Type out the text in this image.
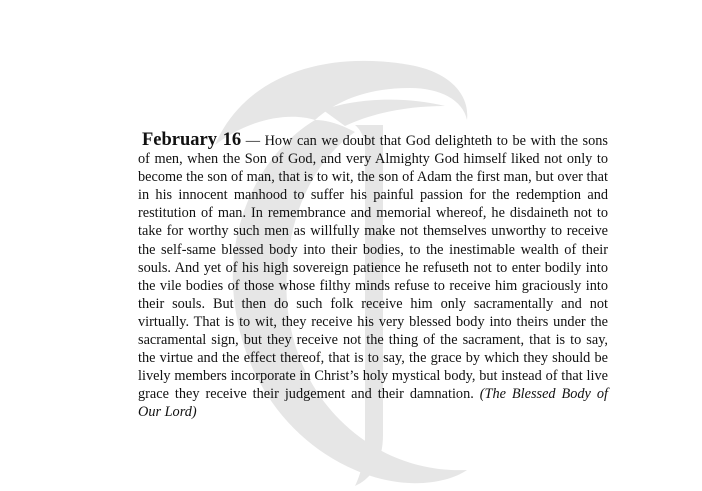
February 16 — How can we doubt that God delighteth to be with the sons of men, when the Son of God, and very Almighty God himself liked not only to become the son of man, that is to wit, the son of Adam the first man, but over that in his innocent manhood to suffer his painful passion for the redemption and restitution of man. In remembrance and memorial whereof, he disdaineth not to take for worthy such men as willfully make not themselves unworthy to receive the self-same blessed body into their bodies, to the inestimable wealth of their souls. And yet of his high sovereign patience he refuseth not to enter bodily into the vile bodies of those whose filthy minds refuse to receive him graciously into their souls. But then do such folk receive him only sacramentally and not virtually. That is to wit, they receive his very blessed body into theirs under the sacramental sign, but they receive not the thing of the sacrament, that is to say, the virtue and the effect thereof, that is to say, the grace by which they should be lively members incorporate in Christ’s holy mystical body, but instead of that live grace they receive their judgement and their damnation. (The Blessed Body of Our Lord)
